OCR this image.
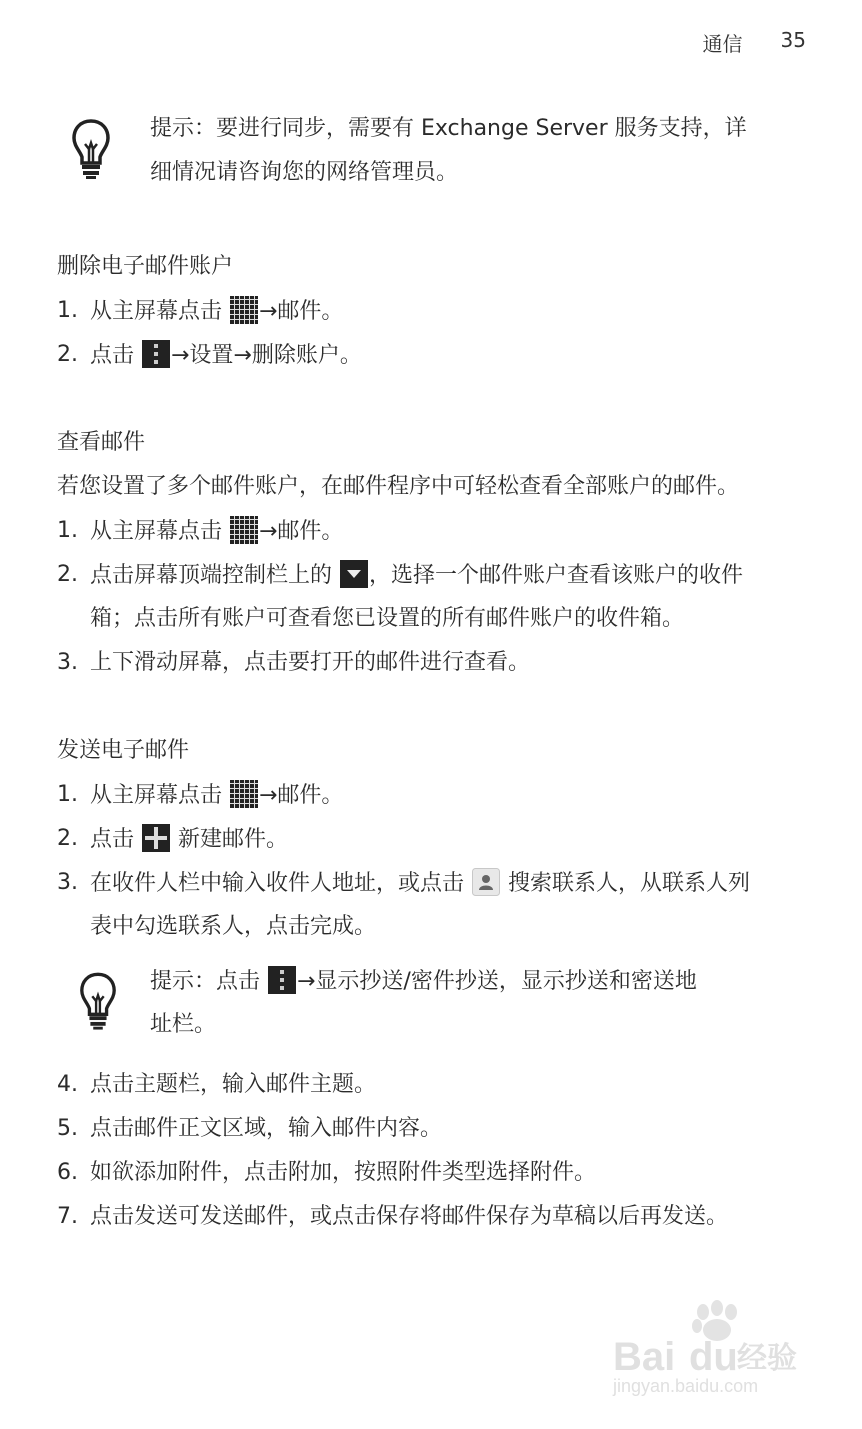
通信 35
提示：要进行同步，需要有 Exchange Server 服务支持，详
细情况请咨询您的网络管理员。
删除电子邮件账户
1. 从主屏幕点击 →邮件。
2. 点击 →设置→删除账户。
查看邮件
若您设置了多个邮件账户，在邮件程序中可轻松查看全部账户的邮件。
1. 从主屏幕点击 →邮件。
2. 点击屏幕顶端控制栏上的 ，选择一个邮件账户查看该账户的收件
箱；点击所有账户可查看您已设置的所有邮件账户的收件箱。
3. 上下滑动屏幕，点击要打开的邮件进行查看。
发送电子邮件
1. 从主屏幕点击 →邮件。
2. 点击  新建邮件。
3. 在收件人栏中输入收件人地址，或点击  搜索联系人，从联系人列
表中勾选联系人，点击完成。
提示：点击 →显示抄送/密件抄送，显示抄送和密送地
址栏。
4. 点击主题栏，输入邮件主题。
5. 点击邮件正文区域，输入邮件内容。
6. 如欲添加附件，点击附加，按照附件类型选择附件。
7. 点击发送可发送邮件，或点击保存将邮件保存为草稿以后再发送。
Bai du 经验
jingyan.baidu.com
